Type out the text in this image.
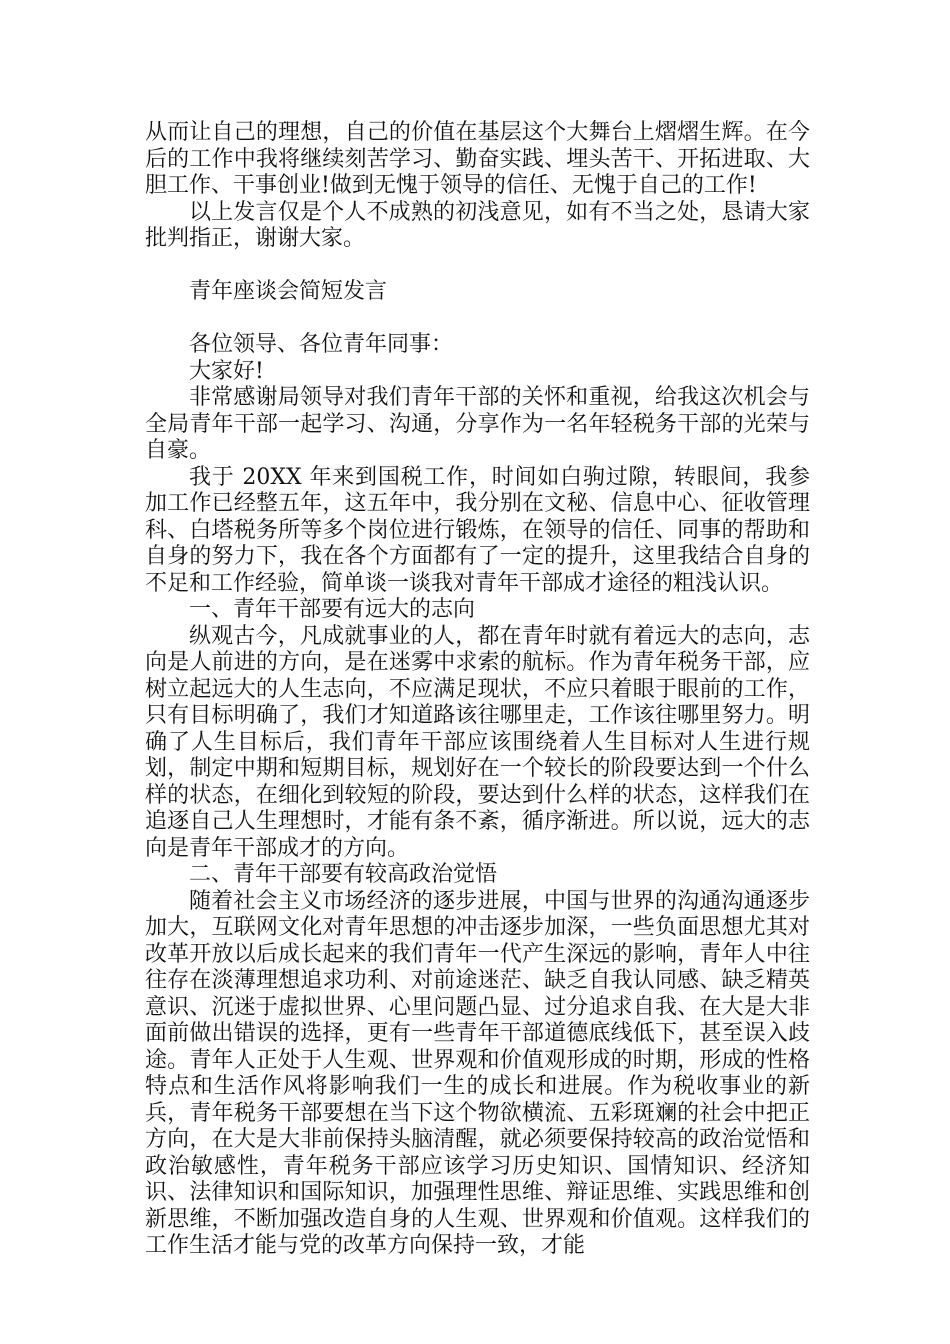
从而让自己的理想，自己的价值在基层这个大舞台上熠熠生辉。在今后的工作中我将继续刻苦学习、勤奋实践、埋头苦干、开拓进取、大胆工作、干事创业!做到无愧于领导的信任、无愧于自己的工作!

以上发言仅是个人不成熟的初浅意见，如有不当之处，恳请大家批判指正，谢谢大家。

青年座谈会简短发言

各位领导、各位青年同事：

大家好!

非常感谢局领导对我们青年干部的关怀和重视，给我这次机会与全局青年干部一起学习、沟通，分享作为一名年轻税务干部的光荣与自豪。

我于 20XX 年来到国税工作，时间如白驹过隙，转眼间，我参加工作已经整五年，这五年中，我分别在文秘、信息中心、征收管理科、白塔税务所等多个岗位进行锻炼，在领导的信任、同事的帮助和自身的努力下，我在各个方面都有了一定的提升，这里我结合自身的不足和工作经验，简单谈一谈我对青年干部成才途径的粗浅认识。

一、青年干部要有远大的志向

纵观古今，凡成就事业的人，都在青年时就有着远大的志向，志向是人前进的方向，是在迷雾中求索的航标。作为青年税务干部，应树立起远大的人生志向，不应满足现状，不应只着眼于眼前的工作，只有目标明确了，我们才知道路该往哪里走，工作该往哪里努力。明确了人生目标后，我们青年干部应该围绕着人生目标对人生进行规划，制定中期和短期目标，规划好在一个较长的阶段要达到一个什么样的状态，在细化到较短的阶段，要达到什么样的状态，这样我们在追逐自己人生理想时，才能有条不紊，循序渐进。所以说，远大的志向是青年干部成才的方向。

二、青年干部要有较高政治觉悟

随着社会主义市场经济的逐步进展，中国与世界的沟通沟通逐步加大，互联网文化对青年思想的冲击逐步加深，一些负面思想尤其对改革开放以后成长起来的我们青年一代产生深远的影响，青年人中往往存在淡薄理想追求功利、对前途迷茫、缺乏自我认同感、缺乏精英意识、沉迷于虚拟世界、心里问题凸显、过分追求自我、在大是大非面前做出错误的选择，更有一些青年干部道德底线低下，甚至误入歧途。青年人正处于人生观、世界观和价值观形成的时期，形成的性格特点和生活作风将影响我们一生的成长和进展。作为税收事业的新兵，青年税务干部要想在当下这个物欲横流、五彩斑斓的社会中把正方向，在大是大非前保持头脑清醒，就必须要保持较高的政治觉悟和政治敏感性，青年税务干部应该学习历史知识、国情知识、经济知识、法律知识和国际知识，加强理性思维、辩证思维、实践思维和创新思维，不断加强改造自身的人生观、世界观和价值观。这样我们的工作生活才能与党的改革方向保持一致，才能
